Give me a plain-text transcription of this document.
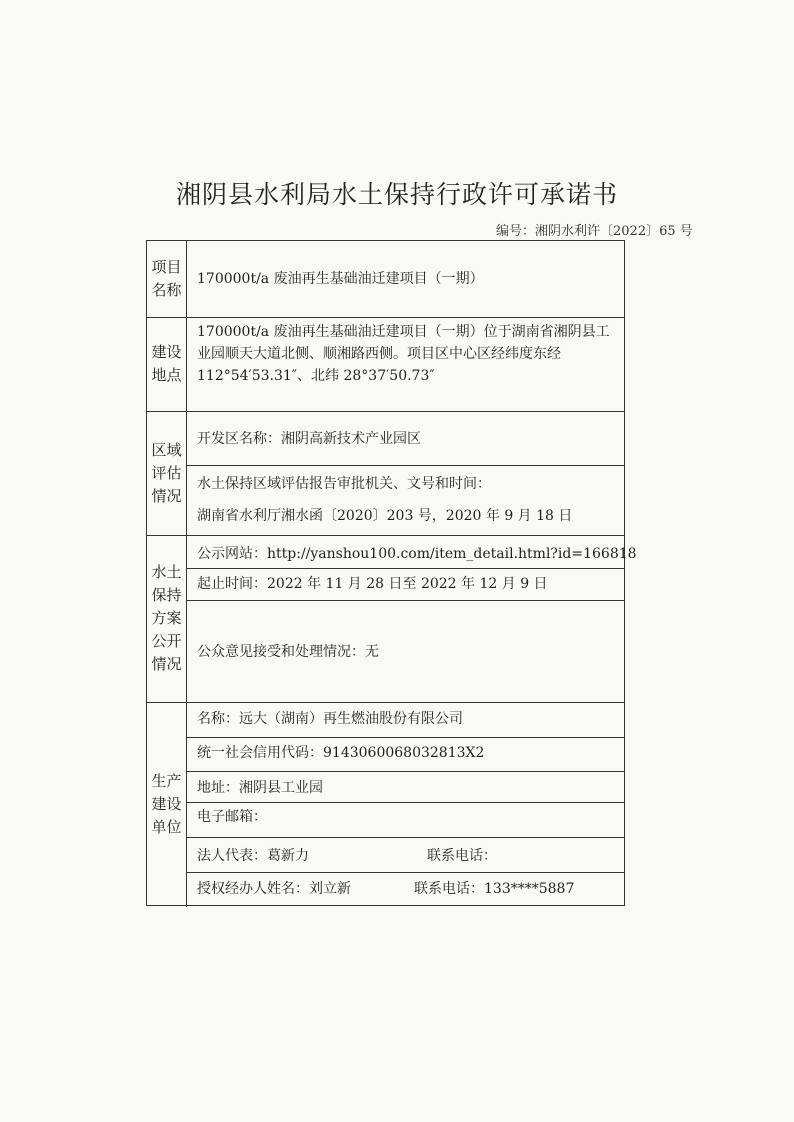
湘阴县水利局水土保持行政许可承诺书
编号：湘阴水利许〔2022〕65 号
项目名称
170000t/a 废油再生基础油迁建项目（一期）
建设地点
170000t/a 废油再生基础油迁建项目（一期）位于湖南省湘阴县工业园顺天大道北侧、顺湘路西侧。项目区中心区经纬度东经 112°54′53.31″、北纬 28°37′50.73″
区域评估情况
开发区名称：湘阴高新技术产业园区
水土保持区域评估报告审批机关、文号和时间：
湖南省水利厅湘水函〔2020〕203 号，2020 年 9 月 18 日
水土保持方案公开情况
公示网站：http://yanshou100.com/item_detail.html?id=166818
起止时间：2022 年 11 月 28 日至 2022 年 12 月 9 日
公众意见接受和处理情况：无
生产建设单位
名称：远大（湖南）再生燃油股份有限公司
统一社会信用代码：9143060068032813X2
地址：湘阴县工业园
电子邮箱：
法人代表：葛新力	联系电话：
授权经办人姓名：刘立新	联系电话：133****5887
